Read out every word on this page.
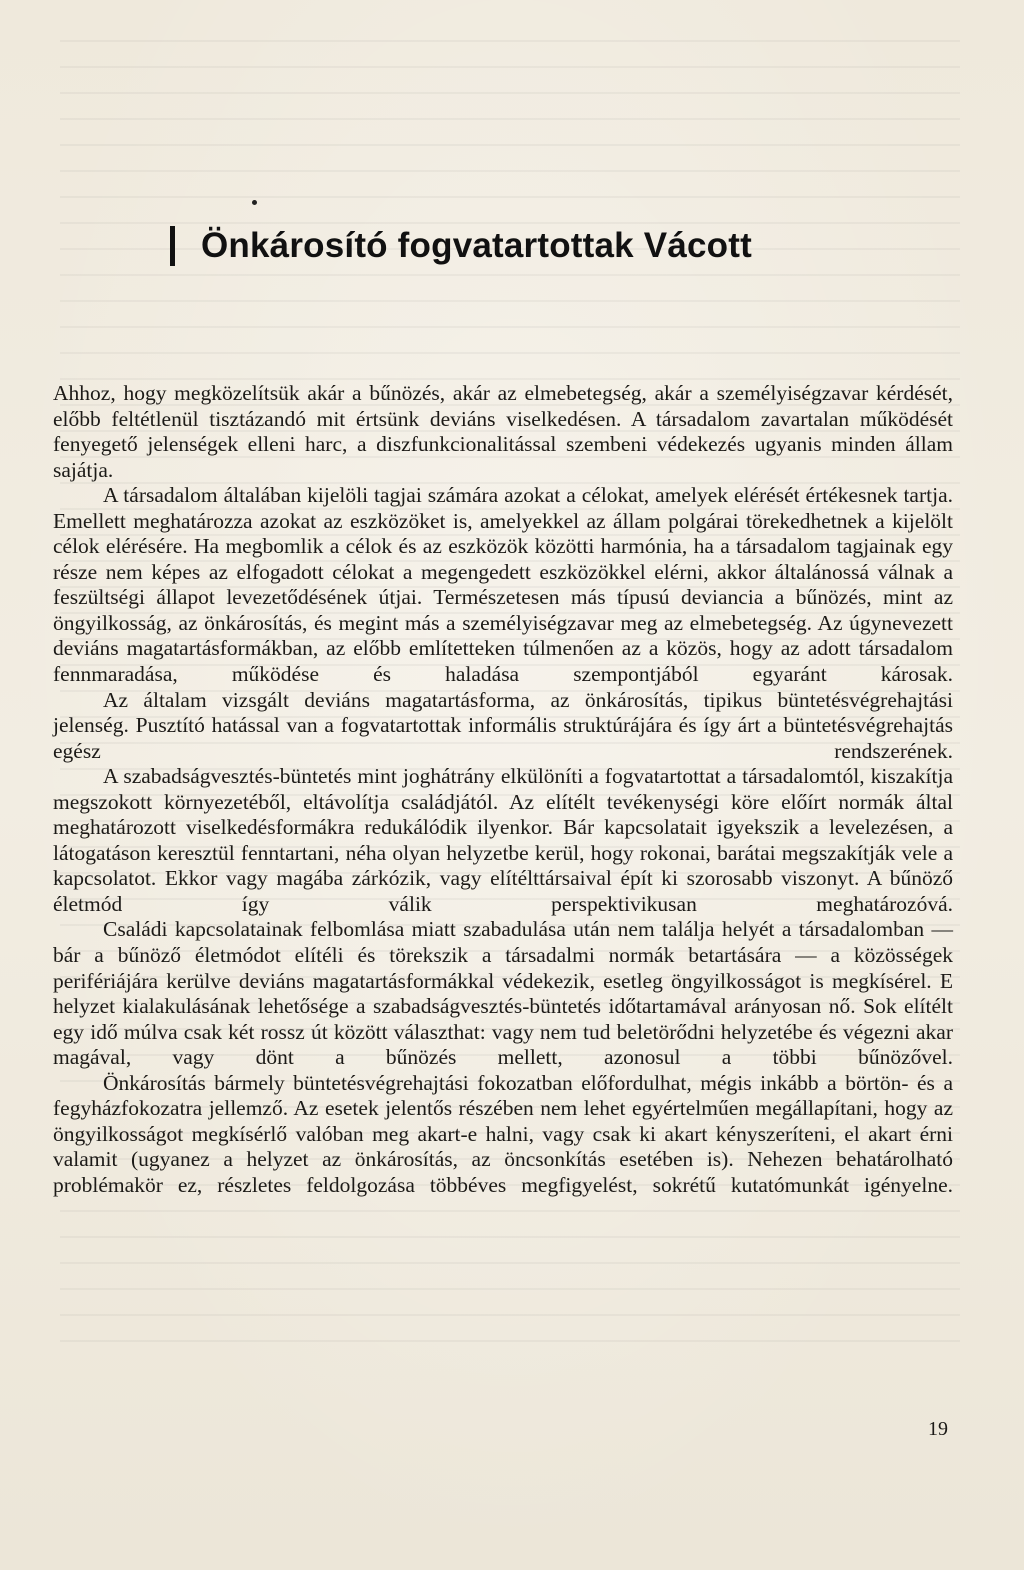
Önkárosító fogvatartottak Vácott

Ahhoz, hogy megközelítsük akár a bűnözés, akár az elmebetegség, akár a személyiségzavar kérdését, előbb feltétlenül tisztázandó mit értsünk deviáns viselkedésen. A társadalom zavartalan működését fenyegető jelenségek elleni harc, a diszfunkcionalitással szembeni védekezés ugyanis minden állam sajátja.

A társadalom általában kijelöli tagjai számára azokat a célokat, amelyek elérését értékesnek tartja. Emellett meghatározza azokat az eszközöket is, amelyekkel az állam polgárai törekedhetnek a kijelölt célok elérésére. Ha megbomlik a célok és az eszközök közötti harmónia, ha a társadalom tagjainak egy része nem képes az elfogadott célokat a megengedett eszközökkel elérni, akkor általánossá válnak a feszültségi állapot levezetődésének útjai. Természetesen más típusú deviancia a bűnözés, mint az öngyilkosság, az önkárosítás, és megint más a személyiségzavar meg az elmebetegség. Az úgynevezett deviáns magatartásformákban, az előbb említetteken túlmenően az a közös, hogy az adott társadalom fennmaradása, működése és haladása szempontjából egyaránt károsak.

Az általam vizsgált deviáns magatartásforma, az önkárosítás, tipikus büntetésvégrehajtási jelenség. Pusztító hatással van a fogvatartottak informális struktúrájára és így árt a büntetésvégrehajtás egész rendszerének.

A szabadságvesztés-büntetés mint joghátrány elkülöníti a fogvatartottat a társadalomtól, kiszakítja megszokott környezetéből, eltávolítja családjától. Az elítélt tevékenységi köre előírt normák által meghatározott viselkedésformákra redukálódik ilyenkor. Bár kapcsolatait igyekszik a levelezésen, a látogatáson keresztül fenntartani, néha olyan helyzetbe kerül, hogy rokonai, barátai megszakítják vele a kapcsolatot. Ekkor vagy magába zárkózik, vagy elítélttársaival épít ki szorosabb viszonyt. A bűnöző életmód így válik perspektivikusan meghatározóvá.

Családi kapcsolatainak felbomlása miatt szabadulása után nem találja helyét a társadalomban — bár a bűnöző életmódot elítéli és törekszik a társadalmi normák betartására — a közösségek perifériájára kerülve deviáns magatartásformákkal védekezik, esetleg öngyilkosságot is megkísérel. E helyzet kialakulásának lehetősége a szabadságvesztés-büntetés időtartamával arányosan nő. Sok elítélt egy idő múlva csak két rossz út között választhat: vagy nem tud beletörődni helyzetébe és végezni akar magával, vagy dönt a bűnözés mellett, azonosul a többi bűnözővel.

Önkárosítás bármely büntetésvégrehajtási fokozatban előfordulhat, mégis inkább a börtön- és a fegyházfokozatra jellemző. Az esetek jelentős részében nem lehet egyértelműen megállapítani, hogy az öngyilkosságot megkísérlő valóban meg akart-e halni, vagy csak ki akart kényszeríteni, el akart érni valamit (ugyanez a helyzet az önkárosítás, az öncsonkítás esetében is). Nehezen behatárolható problémakör ez, részletes feldolgozása többéves megfigyelést, sokrétű kutatómunkát igényelne.

19
